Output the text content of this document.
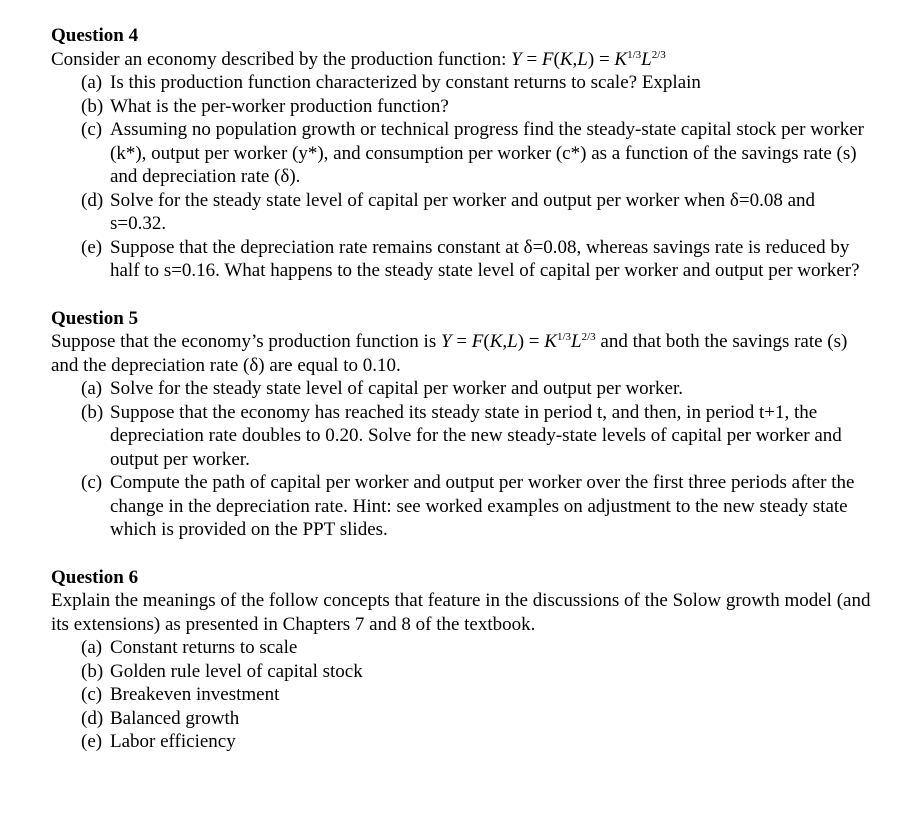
Question 4

Consider an economy described by the production function: $Y = F(K,L) = K^{1/3}L^{2/3}$

(a) Is this production function characterized by constant returns to scale? Explain
(b) What is the per-worker production function?
(c) Assuming no population growth or technical progress find the steady-state capital stock per worker (k*), output per worker (y*), and consumption per worker (c*) as a function of the savings rate (s) and depreciation rate (δ).
(d) Solve for the steady state level of capital per worker and output per worker when δ=0.08 and s=0.32.
(e) Suppose that the depreciation rate remains constant at δ=0.08, whereas savings rate is reduced by half to s=0.16. What happens to the steady state level of capital per worker and output per worker?

Question 5

Suppose that the economy’s production function is $Y = F(K,L) = K^{1/3}L^{2/3}$ and that both the savings rate (s) and the depreciation rate (δ) are equal to 0.10.

(a) Solve for the steady state level of capital per worker and output per worker.
(b) Suppose that the economy has reached its steady state in period t, and then, in period t+1, the depreciation rate doubles to 0.20. Solve for the new steady-state levels of capital per worker and output per worker.
(c) Compute the path of capital per worker and output per worker over the first three periods after the change in the depreciation rate. Hint: see worked examples on adjustment to the new steady state which is provided on the PPT slides.

Question 6

Explain the meanings of the follow concepts that feature in the discussions of the Solow growth model (and its extensions) as presented in Chapters 7 and 8 of the textbook.

(a) Constant returns to scale
(b) Golden rule level of capital stock
(c) Breakeven investment
(d) Balanced growth
(e) Labor efficiency
